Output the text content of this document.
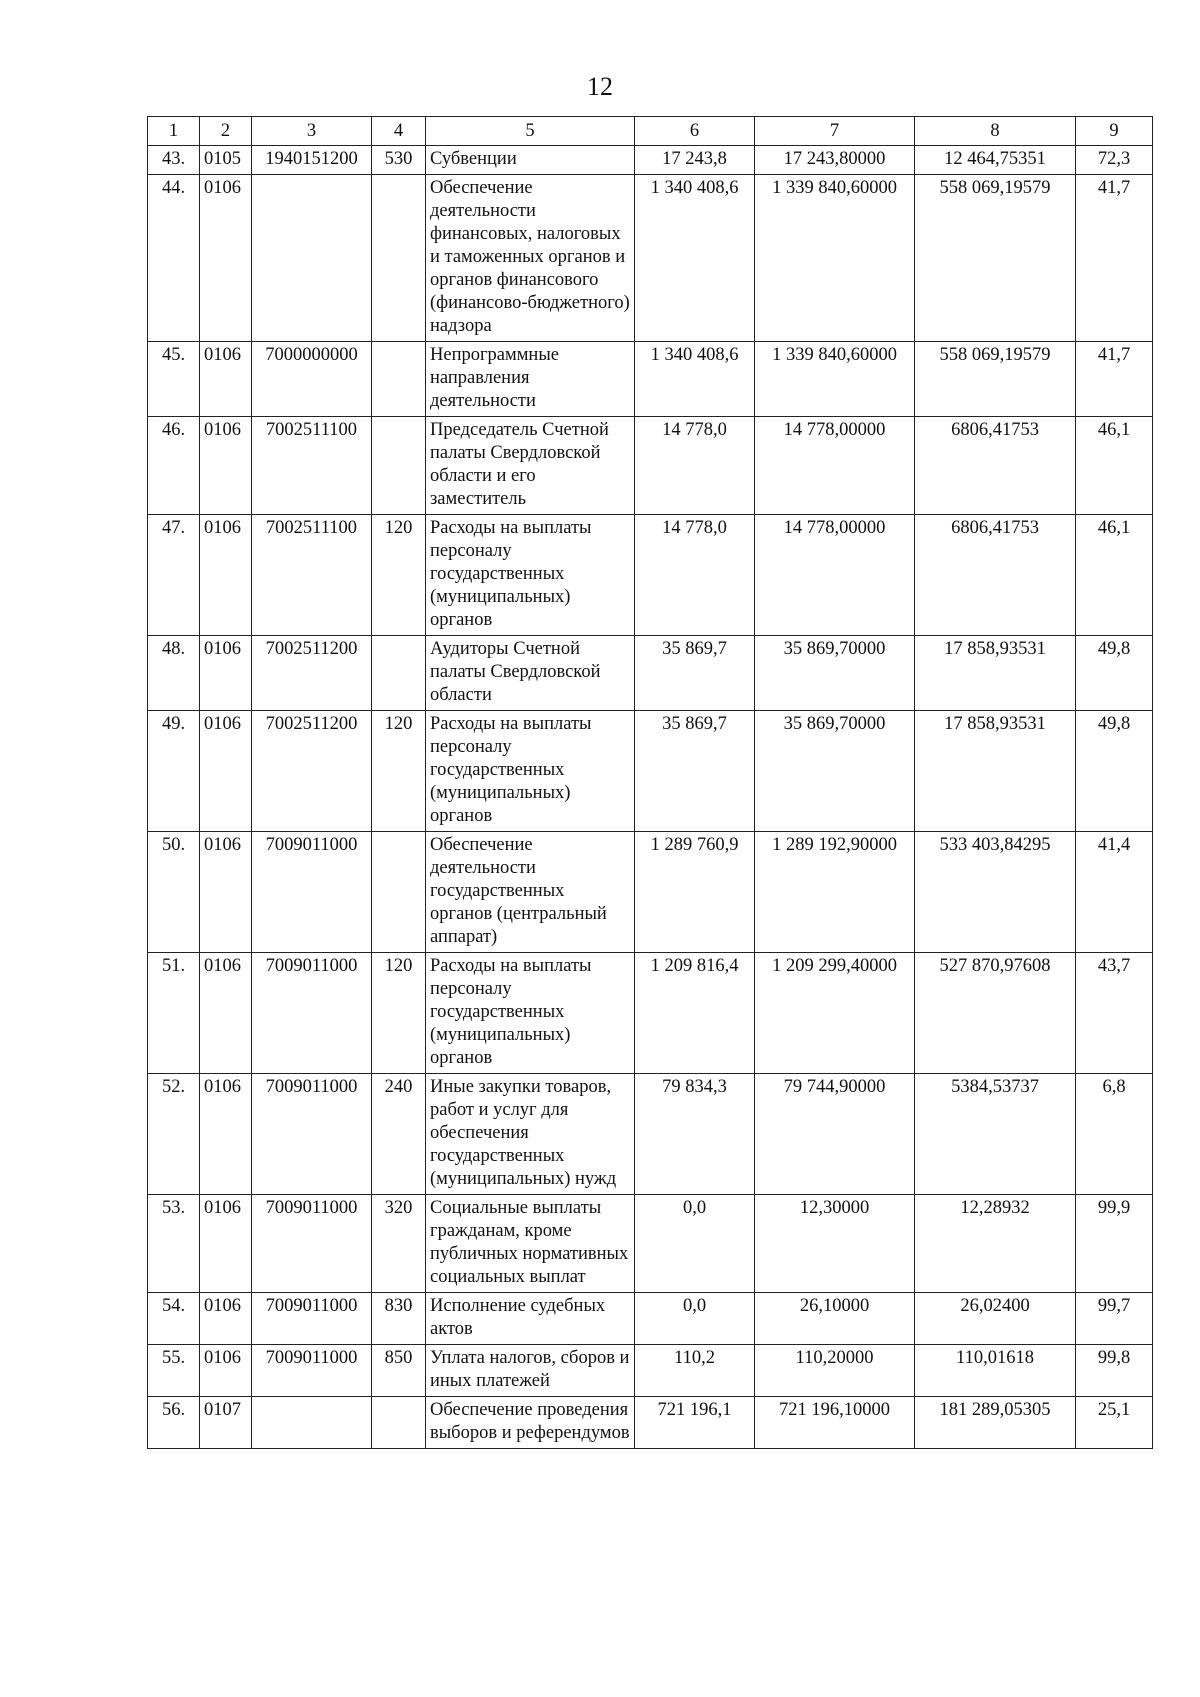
12
1	2	3	4	5	6	7	8	9
43.	0105	1940151200	530	Субвенции	17 243,8	17 243,80000	12 464,75351	72,3
44.	0106			Обеспечение деятельности финансовых, налоговых и таможенных органов и органов финансового (финансово-бюджетного) надзора	1 340 408,6	1 339 840,60000	558 069,19579	41,7
45.	0106	7000000000		Непрограммные направления деятельности	1 340 408,6	1 339 840,60000	558 069,19579	41,7
46.	0106	7002511100		Председатель Счетной палаты Свердловской области и его заместитель	14 778,0	14 778,00000	6806,41753	46,1
47.	0106	7002511100	120	Расходы на выплаты персоналу государственных (муниципальных) органов	14 778,0	14 778,00000	6806,41753	46,1
48.	0106	7002511200		Аудиторы Счетной палаты Свердловской области	35 869,7	35 869,70000	17 858,93531	49,8
49.	0106	7002511200	120	Расходы на выплаты персоналу государственных (муниципальных) органов	35 869,7	35 869,70000	17 858,93531	49,8
50.	0106	7009011000		Обеспечение деятельности государственных органов (центральный аппарат)	1 289 760,9	1 289 192,90000	533 403,84295	41,4
51.	0106	7009011000	120	Расходы на выплаты персоналу государственных (муниципальных) органов	1 209 816,4	1 209 299,40000	527 870,97608	43,7
52.	0106	7009011000	240	Иные закупки товаров, работ и услуг для обеспечения государственных (муниципальных) нужд	79 834,3	79 744,90000	5384,53737	6,8
53.	0106	7009011000	320	Социальные выплаты гражданам, кроме публичных нормативных социальных выплат	0,0	12,30000	12,28932	99,9
54.	0106	7009011000	830	Исполнение судебных актов	0,0	26,10000	26,02400	99,7
55.	0106	7009011000	850	Уплата налогов, сборов и иных платежей	110,2	110,20000	110,01618	99,8
56.	0107			Обеспечение проведения выборов и референдумов	721 196,1	721 196,10000	181 289,05305	25,1
